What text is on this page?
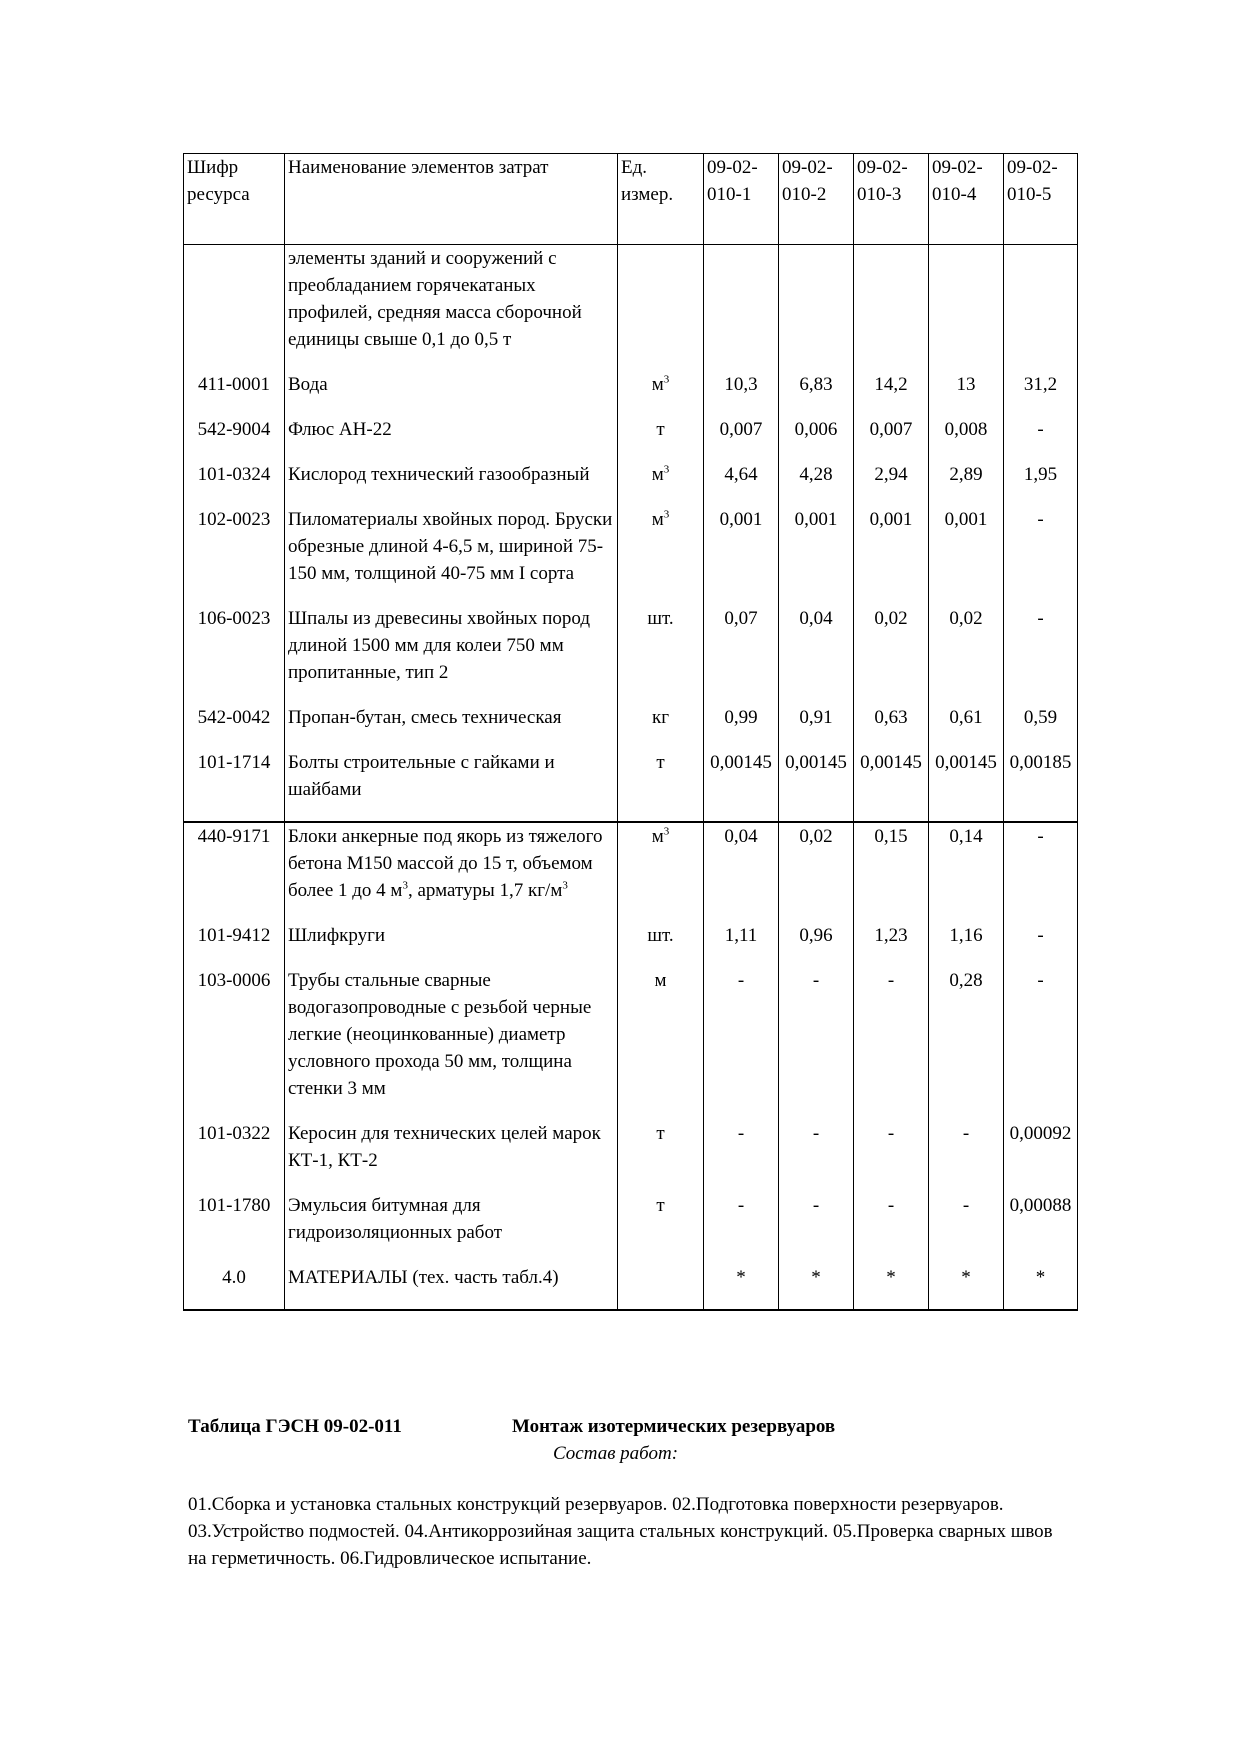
Шифр ресурса	Наименование элементов затрат	Ед. измер.	09-02-010-1	09-02-010-2	09-02-010-3	09-02-010-4	09-02-010-5
	элементы зданий и сооружений с преобладанием горячекатаных профилей, средняя масса сборочной единицы свыше 0,1 до 0,5 т						
411-0001	Вода	$м^3$	10,3	6,83	14,2	13	31,2
542-9004	Флюс АН-22	т	0,007	0,006	0,007	0,008	-
101-0324	Кислород технический газообразный	$м^3$	4,64	4,28	2,94	2,89	1,95
102-0023	Пиломатериалы хвойных пород. Бруски обрезные длиной 4-6,5 м, шириной 75-150 мм, толщиной 40-75 мм I сорта	$м^3$	0,001	0,001	0,001	0,001	-
106-0023	Шпалы из древесины хвойных пород длиной 1500 мм для колеи 750 мм пропитанные, тип 2	шт.	0,07	0,04	0,02	0,02	-
542-0042	Пропан-бутан, смесь техническая	кг	0,99	0,91	0,63	0,61	0,59
101-1714	Болты строительные с гайками и шайбами	т	0,00145	0,00145	0,00145	0,00145	0,00185
440-9171	Блоки анкерные под якорь из тяжелого бетона М150 массой до 15 т, объемом более 1 до 4 $м^3$, арматуры 1,7 $кг/м^3$	$м^3$	0,04	0,02	0,15	0,14	-
101-9412	Шлифкруги	шт.	1,11	0,96	1,23	1,16	-
103-0006	Трубы стальные сварные водогазопроводные с резьбой черные легкие (неоцинкованные) диаметр условного прохода 50 мм, толщина стенки 3 мм	м	-	-	-	0,28	-
101-0322	Керосин для технических целей марок КТ-1, КТ-2	т	-	-	-	-	0,00092
101-1780	Эмульсия битумная для гидроизоляционных работ	т	-	-	-	-	0,00088
4.0	МАТЕРИАЛЫ (тех. часть табл.4)		*	*	*	*	*
Таблица ГЭСН 09-02-011	Монтаж изотермических резервуаров
Состав работ:
01.Сборка и установка стальных конструкций резервуаров. 02.Подготовка поверхности резервуаров. 03.Устройство подмостей. 04.Антикоррозийная защита стальных конструкций. 05.Проверка сварных швов на герметичность. 06.Гидровлическое испытание.
